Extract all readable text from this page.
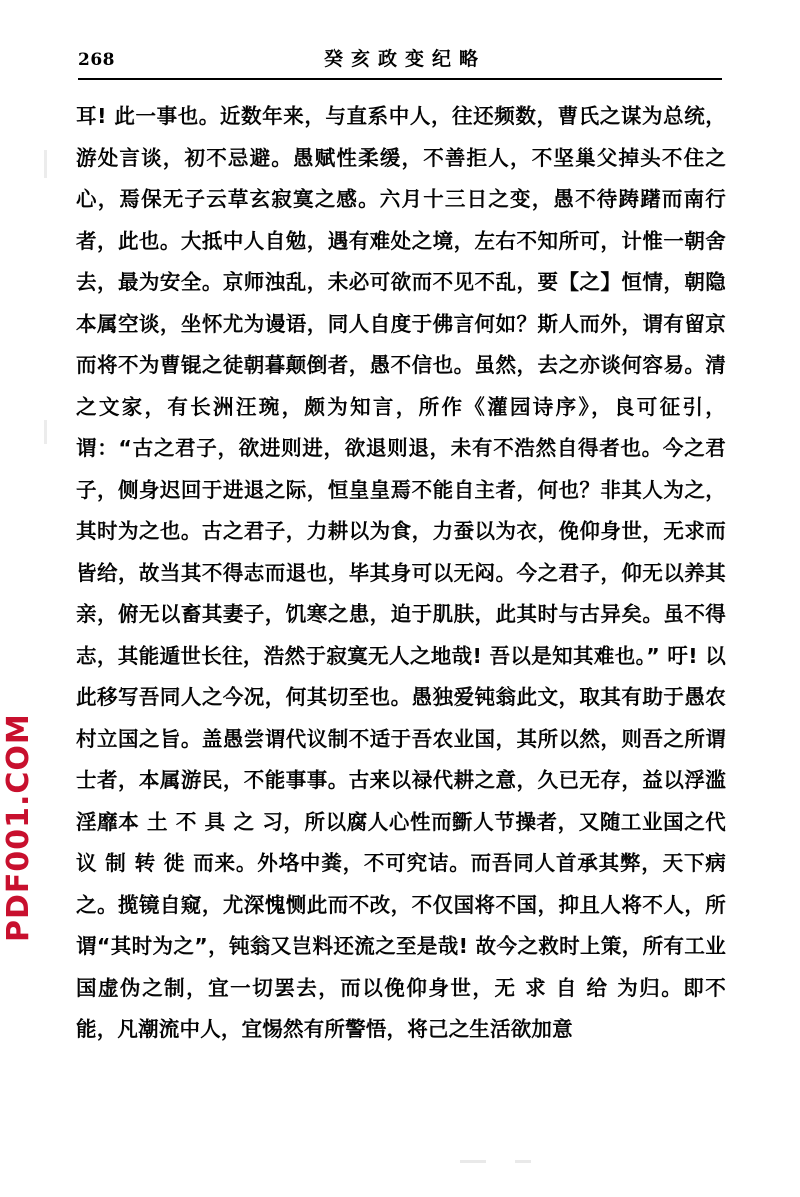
268	癸亥政变纪略

耳! 此一事也。近数年来，与直系中人，往还频数，曹氏之谋为总统，游处言谈，初不忌避。愚赋性柔缓，不善拒人，不坚巢父掉头不住之心，焉保无子云草玄寂寞之感。六月十三日之变，愚不待踌躇而南行者，此也。大抵中人自勉，遇有难处之境，左右不知所可，计惟一朝舍去，最为安全。京师浊乱，未必可欲而不见不乱，要【之】恒情，朝隐本属空谈，坐怀尤为谩语，同人自度于佛言何如？斯人而外，谓有留京而将不为曹锟之徒朝暮颠倒者，愚不信也。虽然，去之亦谈何容易。清之文家，有长洲汪琬，颇为知言，所作《灌园诗序》，良可征引，谓：“古之君子，欲进则进，欲退则退，未有不浩然自得者也。今之君子，侧身迟回于进退之际，恒皇皇焉不能自主者，何也？非其人为之，其时为之也。古之君子，力耕以为食，力蚕以为衣，俛仰身世，无求而皆给，故当其不得志而退也，毕其身可以无闷。今之君子，仰无以养其亲，俯无以畜其妻子，饥寒之患，迫于肌肤，此其时与古异矣。虽不得志，其能遁世长往，浩然于寂寞无人之地哉! 吾以是知其难也。” 吁! 以此移写吾同人之今况，何其切至也。愚独爱钝翁此文，取其有助于愚农村立国之旨。盖愚尝谓代议制不适于吾农业国，其所以然，则吾之所谓士者，本属游民，不能事事。古来以禄代耕之意，久已无存，益以浮滥淫靡本 土 不 具 之 习，所以腐人心性而斵人节操者，又随工业国之代议 制 转 徙 而来。外垎中粪，不可究诘。而吾同人首承其弊，天下病之。揽镜自窥，尤深愧恻此而不改，不仅国将不国，抑且人将不人，所谓“其时为之”，钝翁又岂料还流之至是哉! 故今之救时上策，所有工业国虚伪之制，宜一切罢去，而以俛仰身世，无 求 自 给 为归。即不能，凡潮流中人，宜惕然有所警悟，将己之生活欲加意

PDF001.COM
